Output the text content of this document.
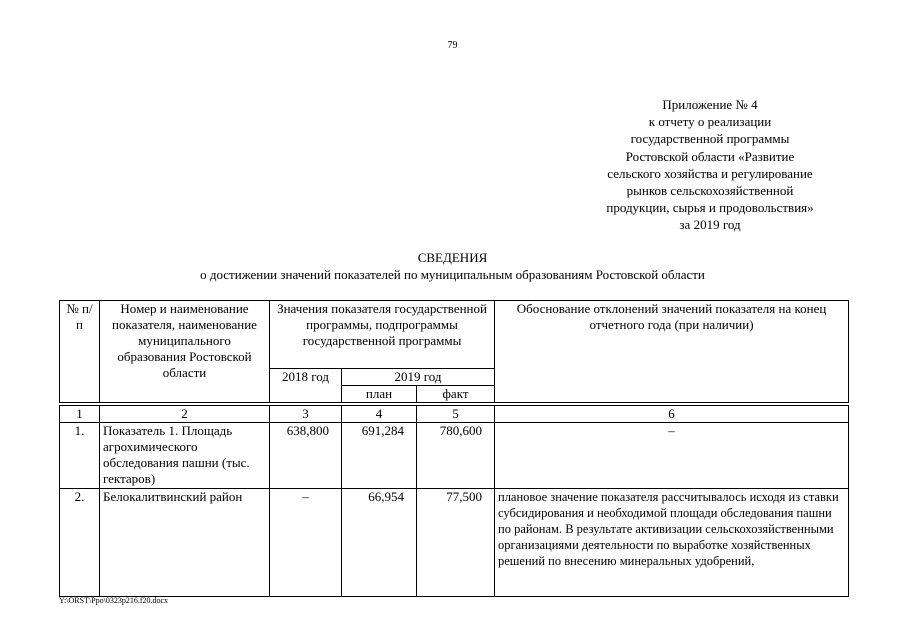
79
Приложение № 4
к отчету о реализации
государственной программы
Ростовской области «Развитие
сельского хозяйства и регулирование
рынков сельскохозяйственной
продукции, сырья и продовольствия»
за 2019 год
СВЕДЕНИЯ
о достижении значений показателей по муниципальным образованиям Ростовской области
№ п/п	Номер и наименование показателя, наименование муниципального образования Ростовской области	Значения показателя государственной программы, подпрограммы государственной программы			Обоснование отклонений значений показателя на конец отчетного года (при наличии)
		2018 год	2019 год		
			план	факт	
1	2	3	4	5	6
1.	Показатель 1. Площадь агрохимического обследования пашни (тыс. гектаров)	638,800	691,284	780,600	–
2.	Белокалитвинский район	–	66,954	77,500	плановое значение показателя рассчитывалось исходя из ставки субсидирования и необходимой площади обследования пашни по районам. В результате активизации сельскохозяйственными организациями деятельности по выработке хозяйственных решений по внесению минеральных удобрений,
Y:\ORST\Ppo\0323p216.f20.docx
